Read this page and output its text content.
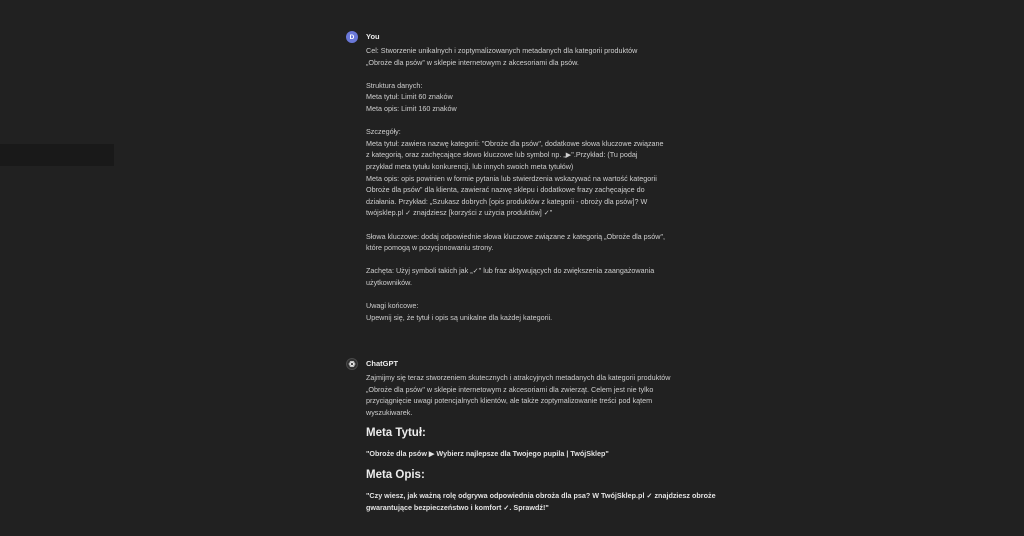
D	You
Cel: Stworzenie unikalnych i zoptymalizowanych metadanych dla kategorii produktów
„Obroże dla psów” w sklepie internetowym z akcesoriami dla psów.
Struktura danych:
Meta tytuł: Limit 60 znaków
Meta opis: Limit 160 znaków
Szczegóły:
Meta tytuł: zawiera nazwę kategorii: "Obroże dla psów", dodatkowe słowa kluczowe związane
z kategorią, oraz zachęcające słowo kluczowe lub symbol np. „▶".Przykład: (Tu podaj
przykład meta tytułu konkurencji, lub innych swoich meta tytułów)
Meta opis: opis powinien w formie pytania lub stwierdzenia wskazywać na wartość kategorii
Obroże dla psów" dla klienta, zawierać nazwę sklepu i dodatkowe frazy zachęcające do
działania. Przykład: „Szukasz dobrych [opis produktów z kategorii - obroży dla psów]? W
twójsklep.pl ✓ znajdziesz [korzyści z użycia produktów] ✓"
Słowa kluczowe: dodaj odpowiednie słowa kluczowe związane z kategorią „Obroże dla psów",
które pomogą w pozycjonowaniu strony.
Zachęta: Użyj symboli takich jak „✓" lub fraz aktywujących do zwiększenia zaangażowania
użytkowników.
Uwagi końcowe:
Upewnij się, że tytuł i opis są unikalne dla każdej kategorii.
ChatGPT
Zajmijmy się teraz stworzeniem skutecznych i atrakcyjnych metadanych dla kategorii produktów
„Obroże dla psów" w sklepie internetowym z akcesoriami dla zwierząt. Celem jest nie tylko
przyciągnięcie uwagi potencjalnych klientów, ale także zoptymalizowanie treści pod kątem
wyszukiwarek.
Meta Tytuł:
"Obroże dla psów ▶ Wybierz najlepsze dla Twojego pupila | TwójSklep"
Meta Opis:
"Czy wiesz, jak ważną rolę odgrywa odpowiednia obroża dla psa? W TwójSklep.pl ✓ znajdziesz obroże
gwarantujące bezpieczeństwo i komfort ✓. Sprawdź!"
